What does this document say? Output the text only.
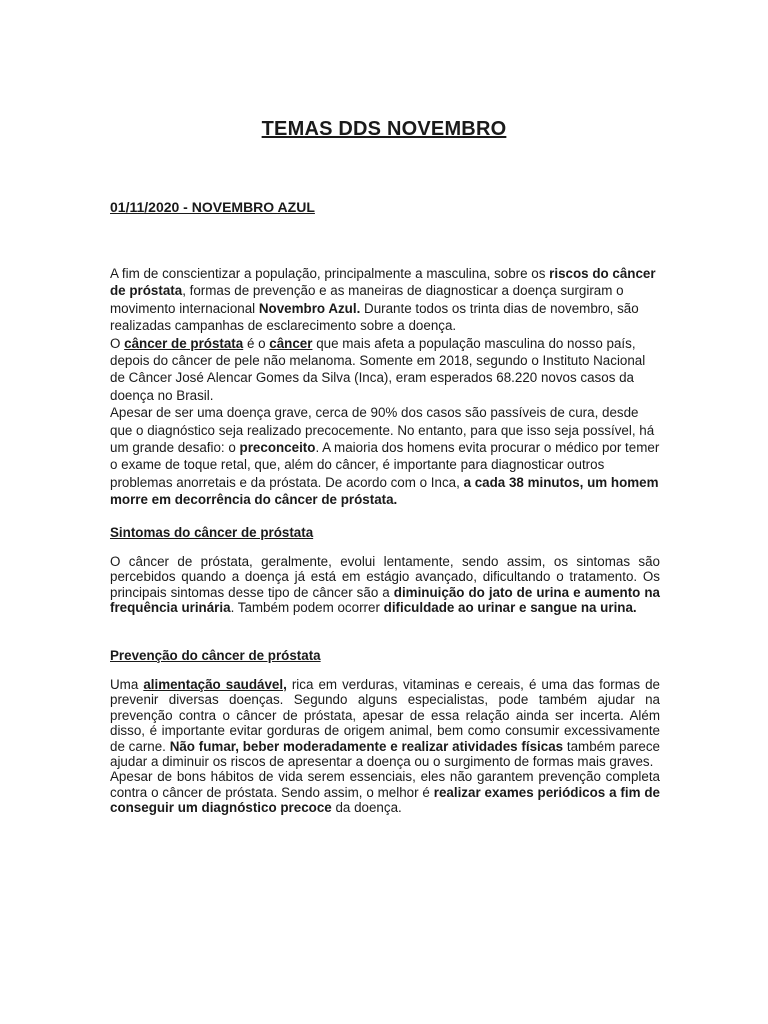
TEMAS DDS NOVEMBRO
01/11/2020 - NOVEMBRO AZUL

A fim de conscientizar a população, principalmente a masculina, sobre os riscos do câncer de próstata, formas de prevenção e as maneiras de diagnosticar a doença surgiram o movimento internacional Novembro Azul. Durante todos os trinta dias de novembro, são realizadas campanhas de esclarecimento sobre a doença.

O câncer de próstata é o câncer que mais afeta a população masculina do nosso país, depois do câncer de pele não melanoma. Somente em 2018, segundo o Instituto Nacional de Câncer José Alencar Gomes da Silva (Inca), eram esperados 68.220 novos casos da doença no Brasil.

Apesar de ser uma doença grave, cerca de 90% dos casos são passíveis de cura, desde que o diagnóstico seja realizado precocemente. No entanto, para que isso seja possível, há um grande desafio: o preconceito. A maioria dos homens evita procurar o médico por temer o exame de toque retal, que, além do câncer, é importante para diagnosticar outros problemas anorretais e da próstata. De acordo com o Inca, a cada 38 minutos, um homem morre em decorrência do câncer de próstata.

Sintomas do câncer de próstata

O câncer de próstata, geralmente, evolui lentamente, sendo assim, os sintomas são percebidos quando a doença já está em estágio avançado, dificultando o tratamento. Os principais sintomas desse tipo de câncer são a diminuição do jato de urina e aumento na frequência urinária. Também podem ocorrer dificuldade ao urinar e sangue na urina.

Prevenção do câncer de próstata

Uma alimentação saudável, rica em verduras, vitaminas e cereais, é uma das formas de prevenir diversas doenças. Segundo alguns especialistas, pode também ajudar na prevenção contra o câncer de próstata, apesar de essa relação ainda ser incerta. Além disso, é importante evitar gorduras de origem animal, bem como consumir excessivamente de carne. Não fumar, beber moderadamente e realizar atividades físicas também parece ajudar a diminuir os riscos de apresentar a doença ou o surgimento de formas mais graves.

Apesar de bons hábitos de vida serem essenciais, eles não garantem prevenção completa contra o câncer de próstata. Sendo assim, o melhor é realizar exames periódicos a fim de conseguir um diagnóstico precoce da doença.
